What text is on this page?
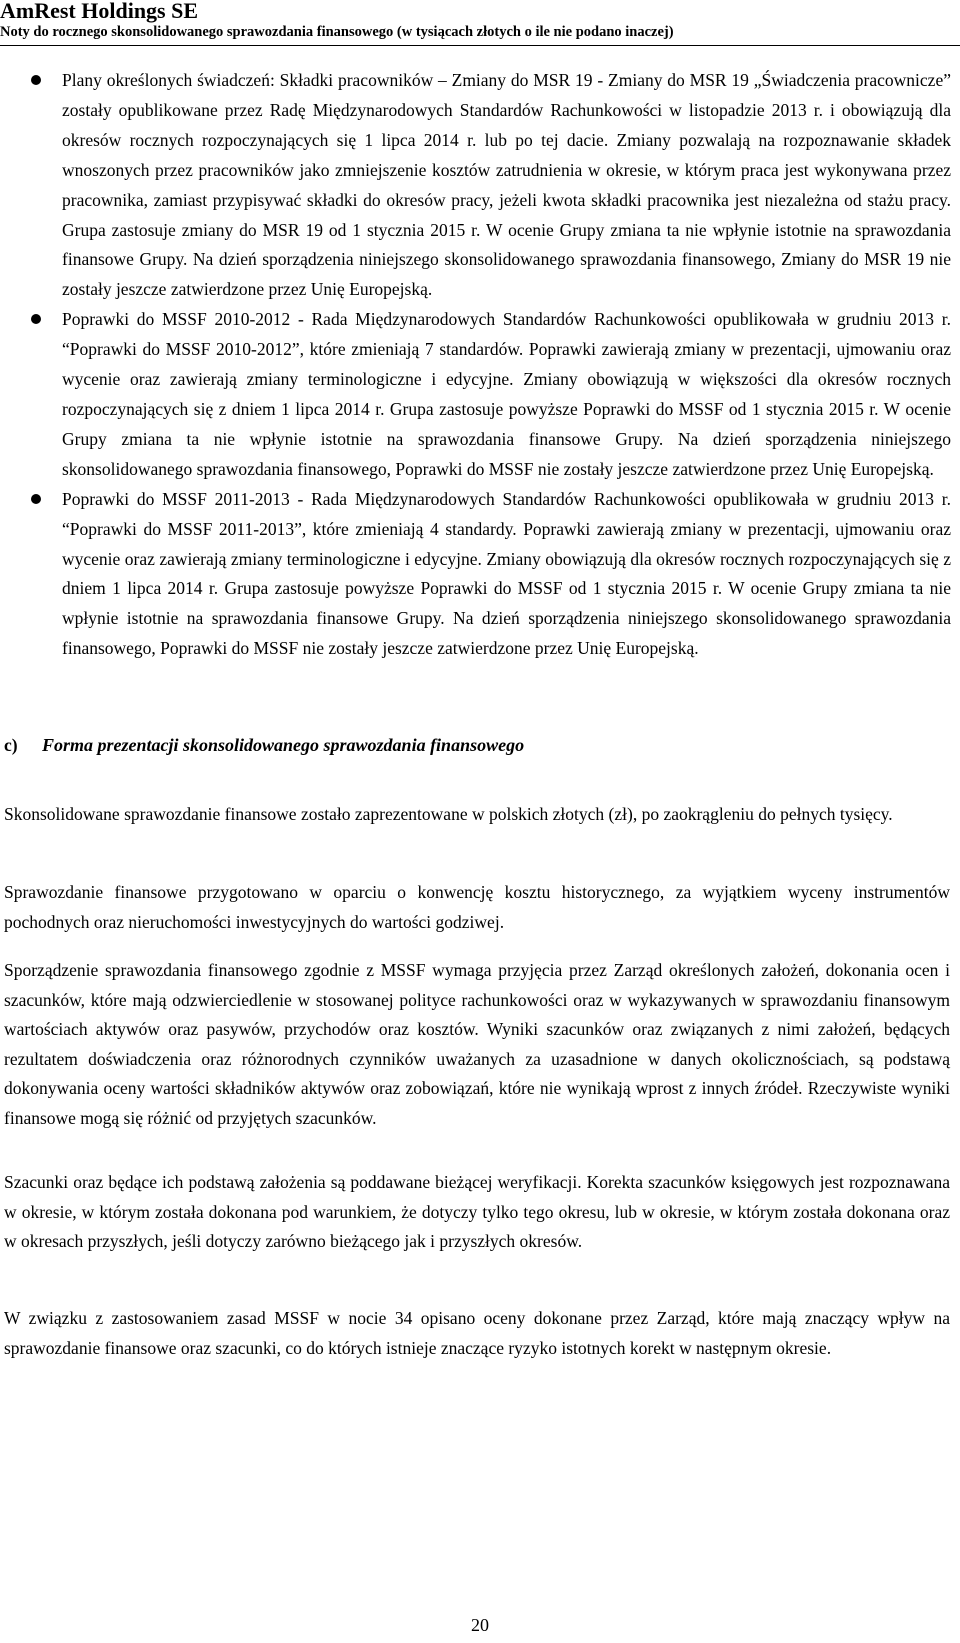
AmRest Holdings SE
Noty do rocznego skonsolidowanego sprawozdania finansowego (w tysiącach złotych o ile nie podano inaczej)
Plany określonych świadczeń: Składki pracowników – Zmiany do MSR 19 - Zmiany do MSR 19 „Świadczenia pracownicze” zostały opublikowane przez Radę Międzynarodowych Standardów Rachunkowości w listopadzie 2013 r. i obowiązują dla okresów rocznych rozpoczynających się 1 lipca 2014 r. lub po tej dacie. Zmiany pozwalają na rozpoznawanie składek wnoszonych przez pracowników jako zmniejszenie kosztów zatrudnienia w okresie, w którym praca jest wykonywana przez pracownika, zamiast przypisywać składki do okresów pracy, jeżeli kwota składki pracownika jest niezależna od stażu pracy. Grupa zastosuje zmiany do MSR 19 od 1 stycznia 2015 r. W ocenie Grupy zmiana ta nie wpłynie istotnie na sprawozdania finansowe Grupy. Na dzień sporządzenia niniejszego skonsolidowanego sprawozdania finansowego, Zmiany do MSR 19 nie zostały jeszcze zatwierdzone przez Unię Europejską.
Poprawki do MSSF 2010-2012 - Rada Międzynarodowych Standardów Rachunkowości opublikowała w grudniu 2013 r. “Poprawki do MSSF 2010-2012”, które zmieniają 7 standardów. Poprawki zawierają zmiany w prezentacji, ujmowaniu oraz wycenie oraz zawierają zmiany terminologiczne i edycyjne. Zmiany obowiązują w większości dla okresów rocznych rozpoczynających się z dniem 1 lipca 2014 r. Grupa zastosuje powyższe Poprawki do MSSF od 1 stycznia 2015 r. W ocenie Grupy zmiana ta nie wpłynie istotnie na sprawozdania finansowe Grupy. Na dzień sporządzenia niniejszego skonsolidowanego sprawozdania finansowego, Poprawki do MSSF nie zostały jeszcze zatwierdzone przez Unię Europejską.
Poprawki do MSSF 2011-2013 - Rada Międzynarodowych Standardów Rachunkowości opublikowała w grudniu 2013 r. “Poprawki do MSSF 2011-2013”, które zmieniają 4 standardy. Poprawki zawierają zmiany w prezentacji, ujmowaniu oraz wycenie oraz zawierają zmiany terminologiczne i edycyjne. Zmiany obowiązują dla okresów rocznych rozpoczynających się z dniem 1 lipca 2014 r. Grupa zastosuje powyższe Poprawki do MSSF od 1 stycznia 2015 r. W ocenie Grupy zmiana ta nie wpłynie istotnie na sprawozdania finansowe Grupy. Na dzień sporządzenia niniejszego skonsolidowanego sprawozdania finansowego, Poprawki do MSSF nie zostały jeszcze zatwierdzone przez Unię Europejską.
c) Forma prezentacji skonsolidowanego sprawozdania finansowego

Skonsolidowane sprawozdanie finansowe zostało zaprezentowane w polskich złotych (zł), po zaokrągleniu do pełnych tysięcy.

Sprawozdanie finansowe przygotowano w oparciu o konwencję kosztu historycznego, za wyjątkiem wyceny instrumentów pochodnych oraz nieruchomości inwestycyjnych do wartości godziwej.

Sporządzenie sprawozdania finansowego zgodnie z MSSF wymaga przyjęcia przez Zarząd określonych założeń, dokonania ocen i szacunków, które mają odzwierciedlenie w stosowanej polityce rachunkowości oraz w wykazywanych w sprawozdaniu finansowym wartościach aktywów oraz pasywów, przychodów oraz kosztów. Wyniki szacunków oraz związanych z nimi założeń, będących rezultatem doświadczenia oraz różnorodnych czynników uważanych za uzasadnione w danych okolicznościach, są podstawą dokonywania oceny wartości składników aktywów oraz zobowiązań, które nie wynikają wprost z innych źródeł. Rzeczywiste wyniki finansowe mogą się różnić od przyjętych szacunków.

Szacunki oraz będące ich podstawą założenia są poddawane bieżącej weryfikacji. Korekta szacunków księgowych jest rozpoznawana w okresie, w którym została dokonana pod warunkiem, że dotyczy tylko tego okresu, lub w okresie, w którym została dokonana oraz w okresach przyszłych, jeśli dotyczy zarówno bieżącego jak i przyszłych okresów.

W związku z zastosowaniem zasad MSSF w nocie 34 opisano oceny dokonane przez Zarząd, które mają znaczący wpływ na sprawozdanie finansowe oraz szacunki, co do których istnieje znaczące ryzyko istotnych korekt w następnym okresie.

20
